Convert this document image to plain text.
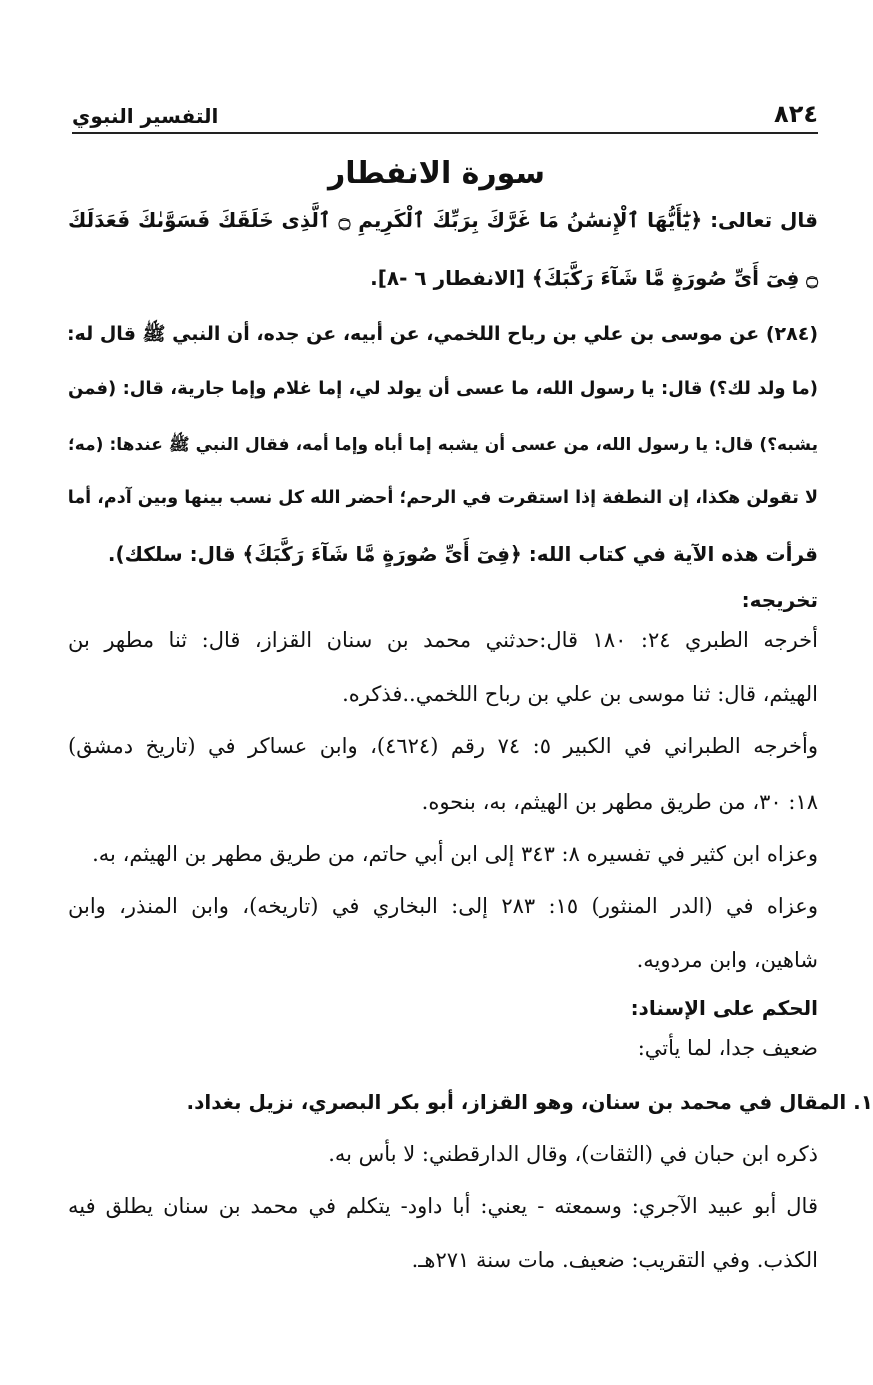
٨٢٤
التفسير النبوي
سورة الانفطار
قال تعالى: ﴿يَٰٓأَيُّهَا ٱلْإِنسَٰنُ مَا غَرَّكَ بِرَبِّكَ ٱلْكَرِيمِ ۝ ٱلَّذِى خَلَقَكَ فَسَوَّىٰكَ فَعَدَلَكَ
۝ فِىٓ أَىِّ صُورَةٍ مَّا شَآءَ رَكَّبَكَ﴾ [الانفطار ٦ -٨].
(٢٨٤) عن موسى بن علي بن رباح اللخمي، عن أبيه، عن جده، أن النبي ﷺ قال له:
(ما ولد لك؟) قال: يا رسول الله، ما عسى أن يولد لي، إما غلام وإما جارية، قال: (فمن
يشبه؟) قال: يا رسول الله، من عسى أن يشبه إما أباه وإما أمه، فقال النبي ﷺ عندها: (مه؛
لا تقولن هكذا، إن النطفة إذا استقرت في الرحم؛ أحضر الله كل نسب بينها وبين آدم، أما
قرأت هذه الآية في كتاب الله: ﴿فِىٓ أَىِّ صُورَةٍ مَّا شَآءَ رَكَّبَكَ﴾ قال: سلكك).
تخريجه:
أخرجه الطبري ٢٤: ١٨٠ قال:حدثني محمد بن سنان القزاز، قال: ثنا مطهر بن
الهيثم، قال: ثنا موسى بن علي بن رباح اللخمي..فذكره.
وأخرجه الطبراني في الكبير ٥: ٧٤ رقم (٤٦٢٤)، وابن عساكر في (تاريخ دمشق)
١٨: ٣٠، من طريق مطهر بن الهيثم، به، بنحوه.
وعزاه ابن كثير في تفسيره ٨: ٣٤٣ إلى ابن أبي حاتم، من طريق مطهر بن الهيثم، به.
وعزاه في (الدر المنثور) ١٥: ٢٨٣ إلى: البخاري في (تاريخه)، وابن المنذر، وابن
شاهين، وابن مردويه.
الحكم على الإسناد:
ضعيف جدا، لما يأتي:
١. المقال في محمد بن سنان، وهو القزاز، أبو بكر البصري، نزيل بغداد.
ذكره ابن حبان في (الثقات)، وقال الدارقطني: لا بأس به.
قال أبو عبيد الآجري: وسمعته - يعني: أبا داود- يتكلم في محمد بن سنان يطلق فيه
الكذب. وفي التقريب: ضعيف. مات سنة ٢٧١هـ.
